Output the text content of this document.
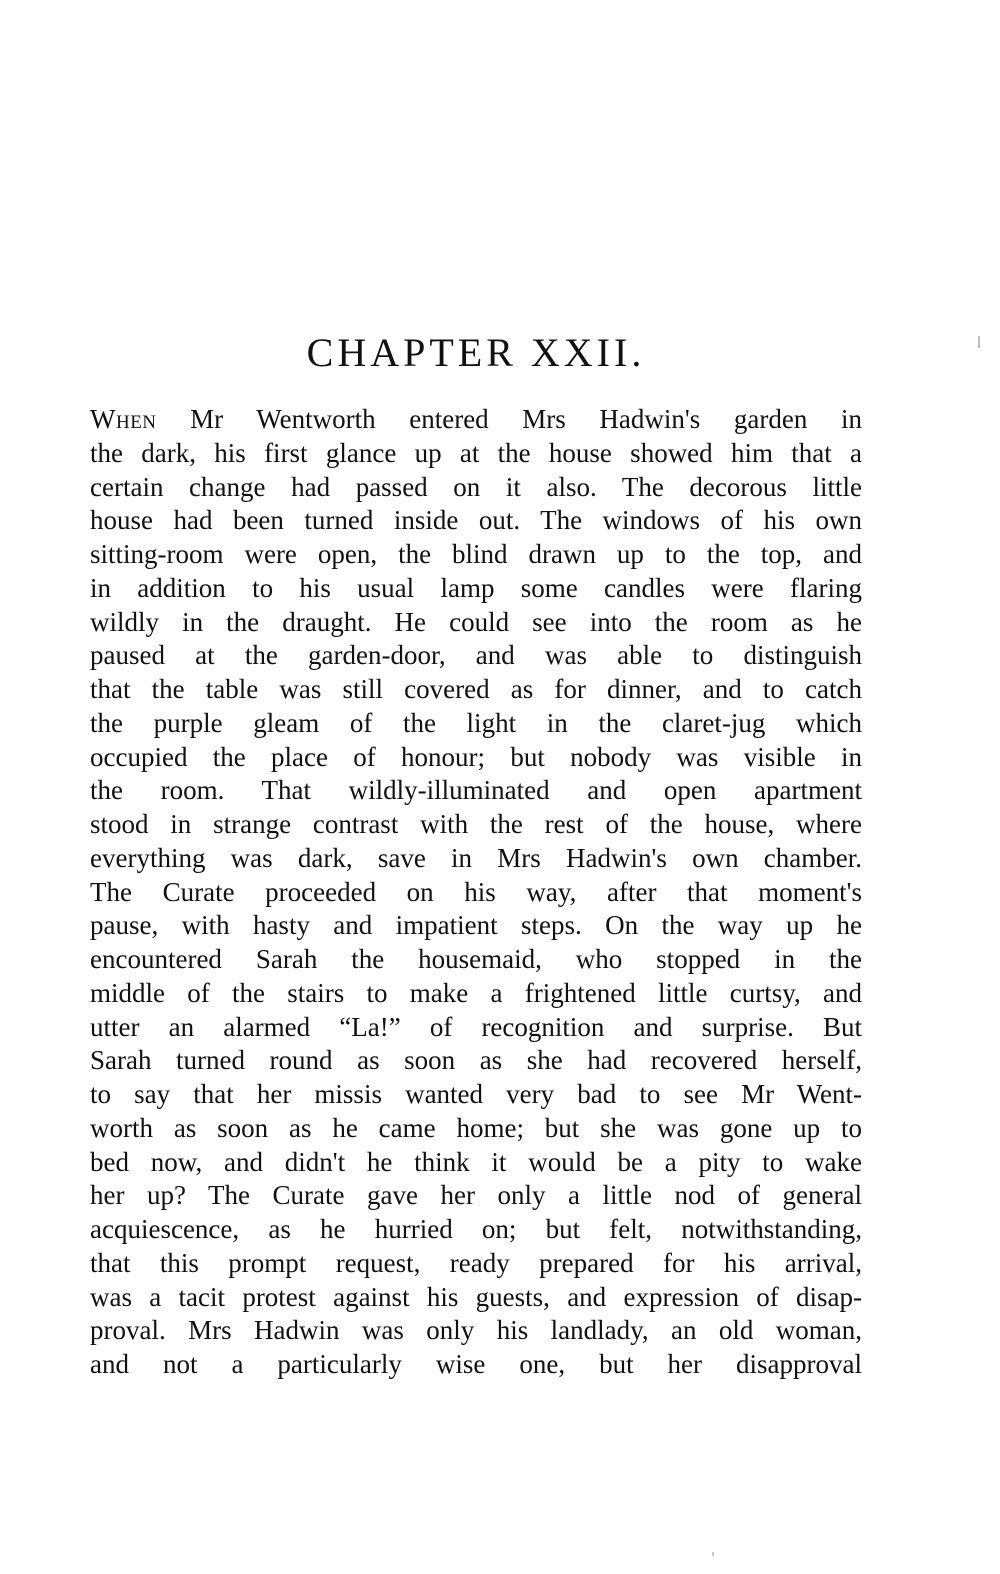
CHAPTER XXII.
When Mr Wentworth entered Mrs Hadwin's garden in
the dark, his first glance up at the house showed him that a
certain change had passed on it also. The decorous little
house had been turned inside out. The windows of his own
sitting-room were open, the blind drawn up to the top, and
in addition to his usual lamp some candles were flaring
wildly in the draught. He could see into the room as he
paused at the garden-door, and was able to distinguish
that the table was still covered as for dinner, and to catch
the purple gleam of the light in the claret-jug which
occupied the place of honour; but nobody was visible in
the room. That wildly-illuminated and open apartment
stood in strange contrast with the rest of the house, where
everything was dark, save in Mrs Hadwin's own chamber.
The Curate proceeded on his way, after that moment's
pause, with hasty and impatient steps. On the way up he
encountered Sarah the housemaid, who stopped in the
middle of the stairs to make a frightened little curtsy, and
utter an alarmed “La!” of recognition and surprise. But
Sarah turned round as soon as she had recovered herself,
to say that her missis wanted very bad to see Mr Went-
worth as soon as he came home; but she was gone up to
bed now, and didn't he think it would be a pity to wake
her up? The Curate gave her only a little nod of general
acquiescence, as he hurried on; but felt, notwithstanding,
that this prompt request, ready prepared for his arrival,
was a tacit protest against his guests, and expression of disap-
proval. Mrs Hadwin was only his landlady, an old woman,
and not a particularly wise one, but her disapproval
